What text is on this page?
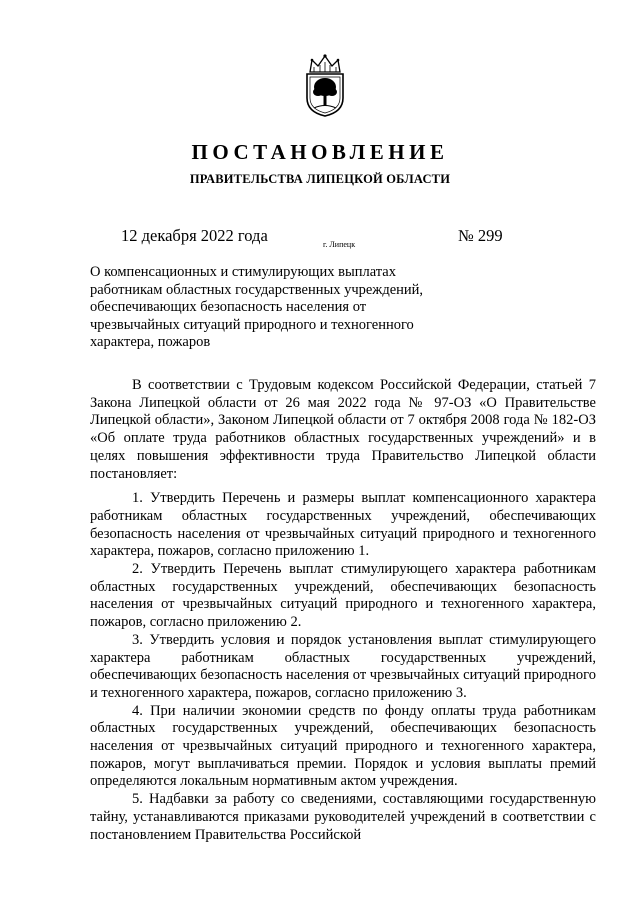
ПОСТАНОВЛЕНИЕ
ПРАВИТЕЛЬСТВА ЛИПЕЦКОЙ ОБЛАСТИ
12 декабря 2022 года	г. Липецк	№ 299
О компенсационных и стимулирующих выплатах работникам областных государственных учреждений, обеспечивающих безопасность населения от чрезвычайных ситуаций природного и техногенного характера, пожаров

В соответствии с Трудовым кодексом Российской Федерации, статьей 7 Закона Липецкой области от 26 мая 2022 года № 97-ОЗ «О Правительстве Липецкой области», Законом Липецкой области от 7 октября 2008 года № 182-ОЗ «Об оплате труда работников областных государственных учреждений» и в целях повышения эффективности труда Правительство Липецкой области постановляет:

1. Утвердить Перечень и размеры выплат компенсационного характера работникам областных государственных учреждений, обеспечивающих безопасность населения от чрезвычайных ситуаций природного и техногенного характера, пожаров, согласно приложению 1.

2. Утвердить Перечень выплат стимулирующего характера работникам областных государственных учреждений, обеспечивающих безопасность населения от чрезвычайных ситуаций природного и техногенного характера, пожаров, согласно приложению 2.

3. Утвердить условия и порядок установления выплат стимулирующего характера работникам областных государственных учреждений, обеспечивающих безопасность населения от чрезвычайных ситуаций природного и техногенного характера, пожаров, согласно приложению 3.

4. При наличии экономии средств по фонду оплаты труда работникам областных государственных учреждений, обеспечивающих безопасность населения от чрезвычайных ситуаций природного и техногенного характера, пожаров, могут выплачиваться премии. Порядок и условия выплаты премий определяются локальным нормативным актом учреждения.

5. Надбавки за работу со сведениями, составляющими государственную тайну, устанавливаются приказами руководителей учреждений в соответствии с постановлением Правительства Российской
